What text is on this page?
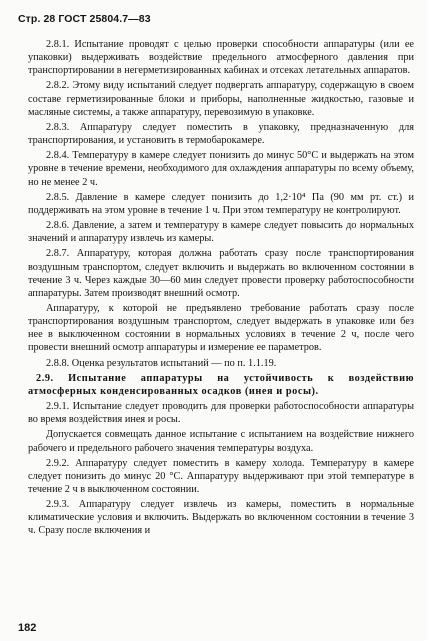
Стр. 28 ГОСТ 25804.7—83

2.8.1. Испытание проводят с целью проверки способности аппаратуры (или ее упаковки) выдерживать воздействие предельного атмосферного давления при транспортировании в негерметизированных кабинах и отсеках летательных аппаратов.

2.8.2. Этому виду испытаний следует подвергать аппаратуру, содержащую в своем составе герметизированные блоки и приборы, наполненные жидкостью, газовые и масляные системы, а также аппаратуру, перевозимую в упаковке.

2.8.3. Аппаратуру следует поместить в упаковку, предназначенную для транспортирования, и установить в термобарокамере.

2.8.4. Температуру в камере следует понизить до минус 50°С и выдержать на этом уровне в течение времени, необходимого для охлаждения аппаратуры по всему объему, но не менее 2 ч.

2.8.5. Давление в камере следует понизить до 1,2·10⁴ Па (90 мм рт. ст.) и поддерживать на этом уровне в течение 1 ч. При этом температуру не контролируют.

2.8.6. Давление, а затем и температуру в камере следует повысить до нормальных значений и аппаратуру извлечь из камеры.

2.8.7. Аппаратуру, которая должна работать сразу после транспортирования воздушным транспортом, следует включить и выдержать во включенном состоянии в течение 3 ч. Через каждые 30—60 мин следует провести проверку работоспособности аппаратуры. Затем производят внешний осмотр.

Аппаратуру, к которой не предъявлено требование работать сразу после транспортирования воздушным транспортом, следует выдержать в упаковке или без нее в выключенном состоянии в нормальных условиях в течение 2 ч, после чего провести внешний осмотр аппаратуры и измерение ее параметров.

2.8.8. Оценка результатов испытаний — по п. 1.1.19.

2.9. Испытание аппаратуры на устойчивость к воздействию атмосферных конденсированных осадков (инея и росы).

2.9.1. Испытание следует проводить для проверки работоспособности аппаратуры во время воздействия инея и росы.

Допускается совмещать данное испытание с испытанием на воздействие нижнего рабочего и предельного рабочего значения температуры воздуха.

2.9.2. Аппаратуру следует поместить в камеру холода. Температуру в камере следует понизить до минус 20 °С. Аппаратуру выдерживают при этой температуре в течение 2 ч в выключенном состоянии.

2.9.3. Аппаратуру следует извлечь из камеры, поместить в нормальные климатические условия и включить. Выдержать во включенном состоянии в течение 3 ч. Сразу после включения и

182
